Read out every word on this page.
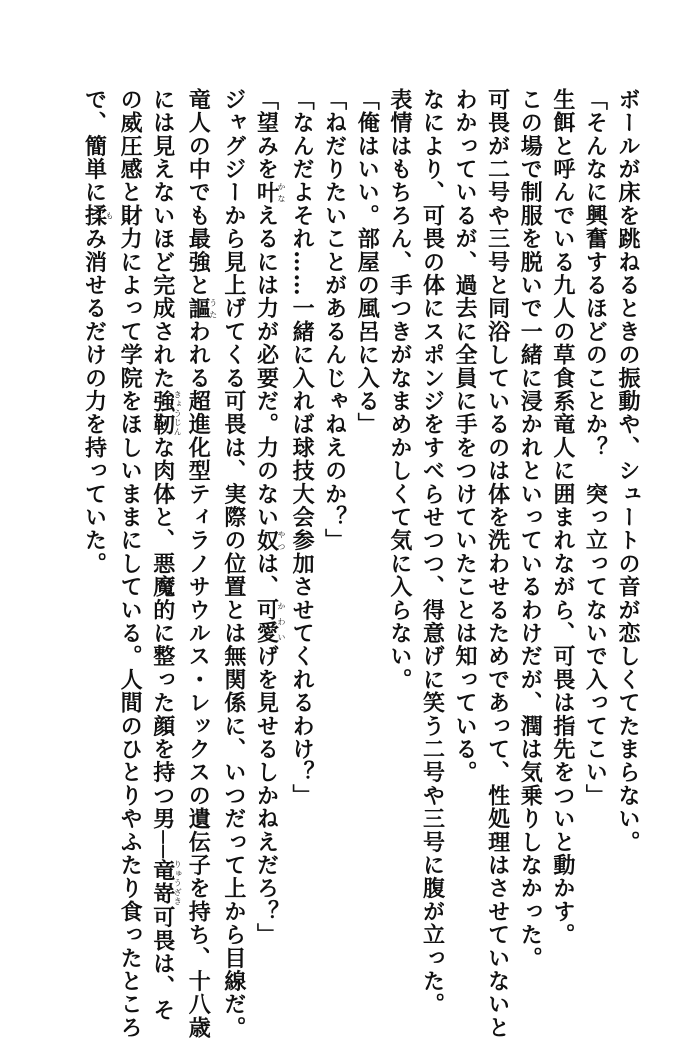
ボールが床を跳ねるときの振動や、シュートの音が恋しくてたまらない。
「そんなに興奮するほどのことか？　突っ立ってないで入ってこい」
生餌と呼んでいる九人の草食系竜人に囲まれながら、可畏は指先をついと動かす。
この場で制服を脱いで一緒に浸かれといっているわけだが、潤は気乗りしなかった。
可畏が二号や三号と同浴しているのは体を洗わせるためであって、性処理はさせていないと
わかっているが、過去に全員に手をつけていたことは知っている。
なにより、可畏の体にスポンジをすべらせつつ、得意げに笑う二号や三号に腹が立った。
表情はもちろん、手つきがなまめかしくて気に入らない。
「俺はいい。部屋の風呂に入る」
「ねだりたいことがあるんじゃねえのか？」
「なんだよそれ……一緒に入れば球技大会参加させてくれるわけ？」
「望みを叶かなえるには力が必要だ。力のない奴やつは、可愛かわいげを見せるしかねえだろ？」
ジャグジーから見上げてくる可畏は、実際の位置とは無関係に、いつだって上から目線だ。
竜人の中でも最強と謳うたわれる超進化型ティラノサウルス・レックスの遺伝子を持ち、十八歳
には見えないほど完成された強靭きょうじんな肉体と、悪魔的に整った顔を持つ男──竜嵜りゅうざき可畏は、そ
の威圧感と財力によって学院をほしいままにしている。人間のひとりやふたり食ったところ
で、簡単に揉もみ消せるだけの力を持っていた。
